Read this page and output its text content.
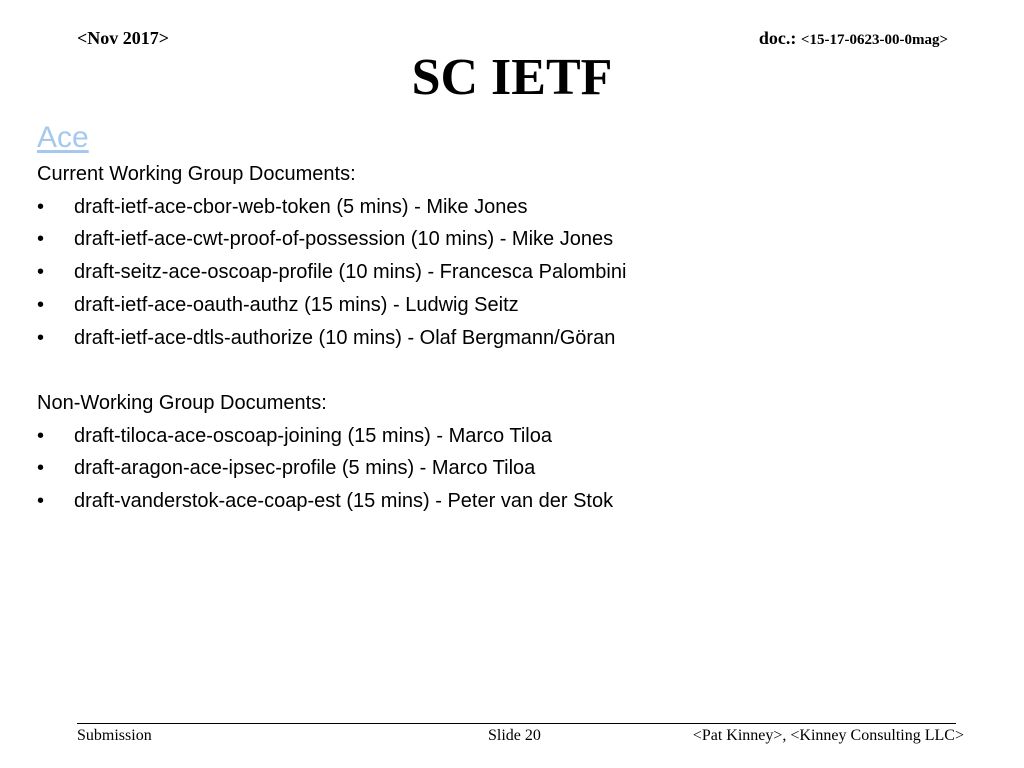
<Nov 2017>	doc.: <15-17-0623-00-0mag>
SC IETF
Ace
Current Working Group Documents:
• draft-ietf-ace-cbor-web-token (5 mins) - Mike Jones
• draft-ietf-ace-cwt-proof-of-possession (10 mins) - Mike Jones
• draft-seitz-ace-oscoap-profile (10 mins) - Francesca Palombini
• draft-ietf-ace-oauth-authz (15 mins) - Ludwig Seitz
• draft-ietf-ace-dtls-authorize (10 mins) - Olaf Bergmann/Göran
Non-Working Group Documents:
• draft-tiloca-ace-oscoap-joining (15 mins) - Marco Tiloa
• draft-aragon-ace-ipsec-profile (5 mins) - Marco Tiloa
• draft-vanderstok-ace-coap-est (15 mins) - Peter van der Stok
Submission	Slide 20	<Pat Kinney>, <Kinney Consulting LLC>
